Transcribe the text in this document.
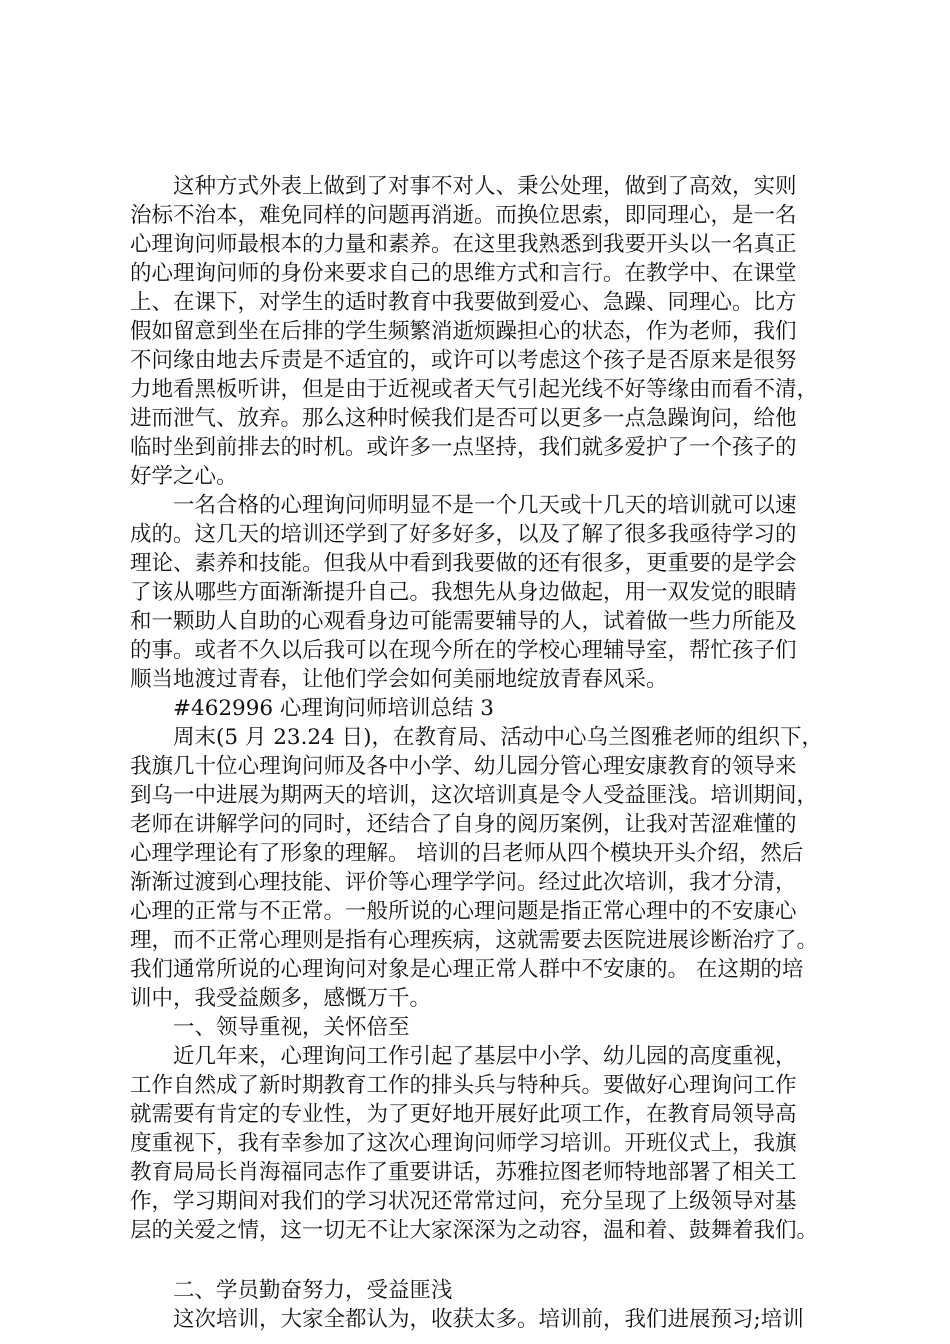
这种方式外表上做到了对事不对人、秉公处理，做到了高效，实则
治标不治本，难免同样的问题再消逝。而换位思索，即同理心，是一名
心理询问师最根本的力量和素养。在这里我熟悉到我要开头以一名真正
的心理询问师的身份来要求自己的思维方式和言行。在教学中、在课堂
上、在课下，对学生的适时教育中我要做到爱心、急躁、同理心。比方
假如留意到坐在后排的学生频繁消逝烦躁担心的状态，作为老师，我们
不问缘由地去斥责是不适宜的，或许可以考虑这个孩子是否原来是很努
力地看黑板听讲，但是由于近视或者天气引起光线不好等缘由而看不清，
进而泄气、放弃。那么这种时候我们是否可以更多一点急躁询问，给他
临时坐到前排去的时机。或许多一点坚持，我们就多爱护了一个孩子的
好学之心。
一名合格的心理询问师明显不是一个几天或十几天的培训就可以速
成的。这几天的培训还学到了好多好多，以及了解了很多我亟待学习的
理论、素养和技能。但我从中看到我要做的还有很多，更重要的是学会
了该从哪些方面渐渐提升自己。我想先从身边做起，用一双发觉的眼睛
和一颗助人自助的心观看身边可能需要辅导的人，试着做一些力所能及
的事。或者不久以后我可以在现今所在的学校心理辅导室，帮忙孩子们
顺当地渡过青春，让他们学会如何美丽地绽放青春风采。
#462996 心理询问师培训总结 3
周末(5 月 23.24 日)，在教育局、活动中心乌兰图雅老师的组织下，
我旗几十位心理询问师及各中小学、幼儿园分管心理安康教育的领导来
到乌一中进展为期两天的培训，这次培训真是令人受益匪浅。培训期间，
老师在讲解学问的同时，还结合了自身的阅历案例，让我对苦涩难懂的
心理学理论有了形象的理解。 培训的吕老师从四个模块开头介绍，然后
渐渐过渡到心理技能、评价等心理学学问。经过此次培训，我才分清，
心理的正常与不正常。一般所说的心理问题是指正常心理中的不安康心
理，而不正常心理则是指有心理疾病，这就需要去医院进展诊断治疗了。
我们通常所说的心理询问对象是心理正常人群中不安康的。 在这期的培
训中，我受益颇多，感慨万千。
一、领导重视，关怀倍至
近几年来，心理询问工作引起了基层中小学、幼儿园的高度重视，
工作自然成了新时期教育工作的排头兵与特种兵。要做好心理询问工作
就需要有肯定的专业性，为了更好地开展好此项工作，在教育局领导高
度重视下，我有幸参加了这次心理询问师学习培训。开班仪式上，我旗
教育局局长肖海福同志作了重要讲话，苏雅拉图老师特地部署了相关工
作，学习期间对我们的学习状况还常常过问，充分呈现了上级领导对基
层的关爱之情，这一切无不让大家深深为之动容，温和着、鼓舞着我们。
二、学员勤奋努力，受益匪浅
这次培训，大家全都认为，收获太多。培训前，我们进展预习;培训
